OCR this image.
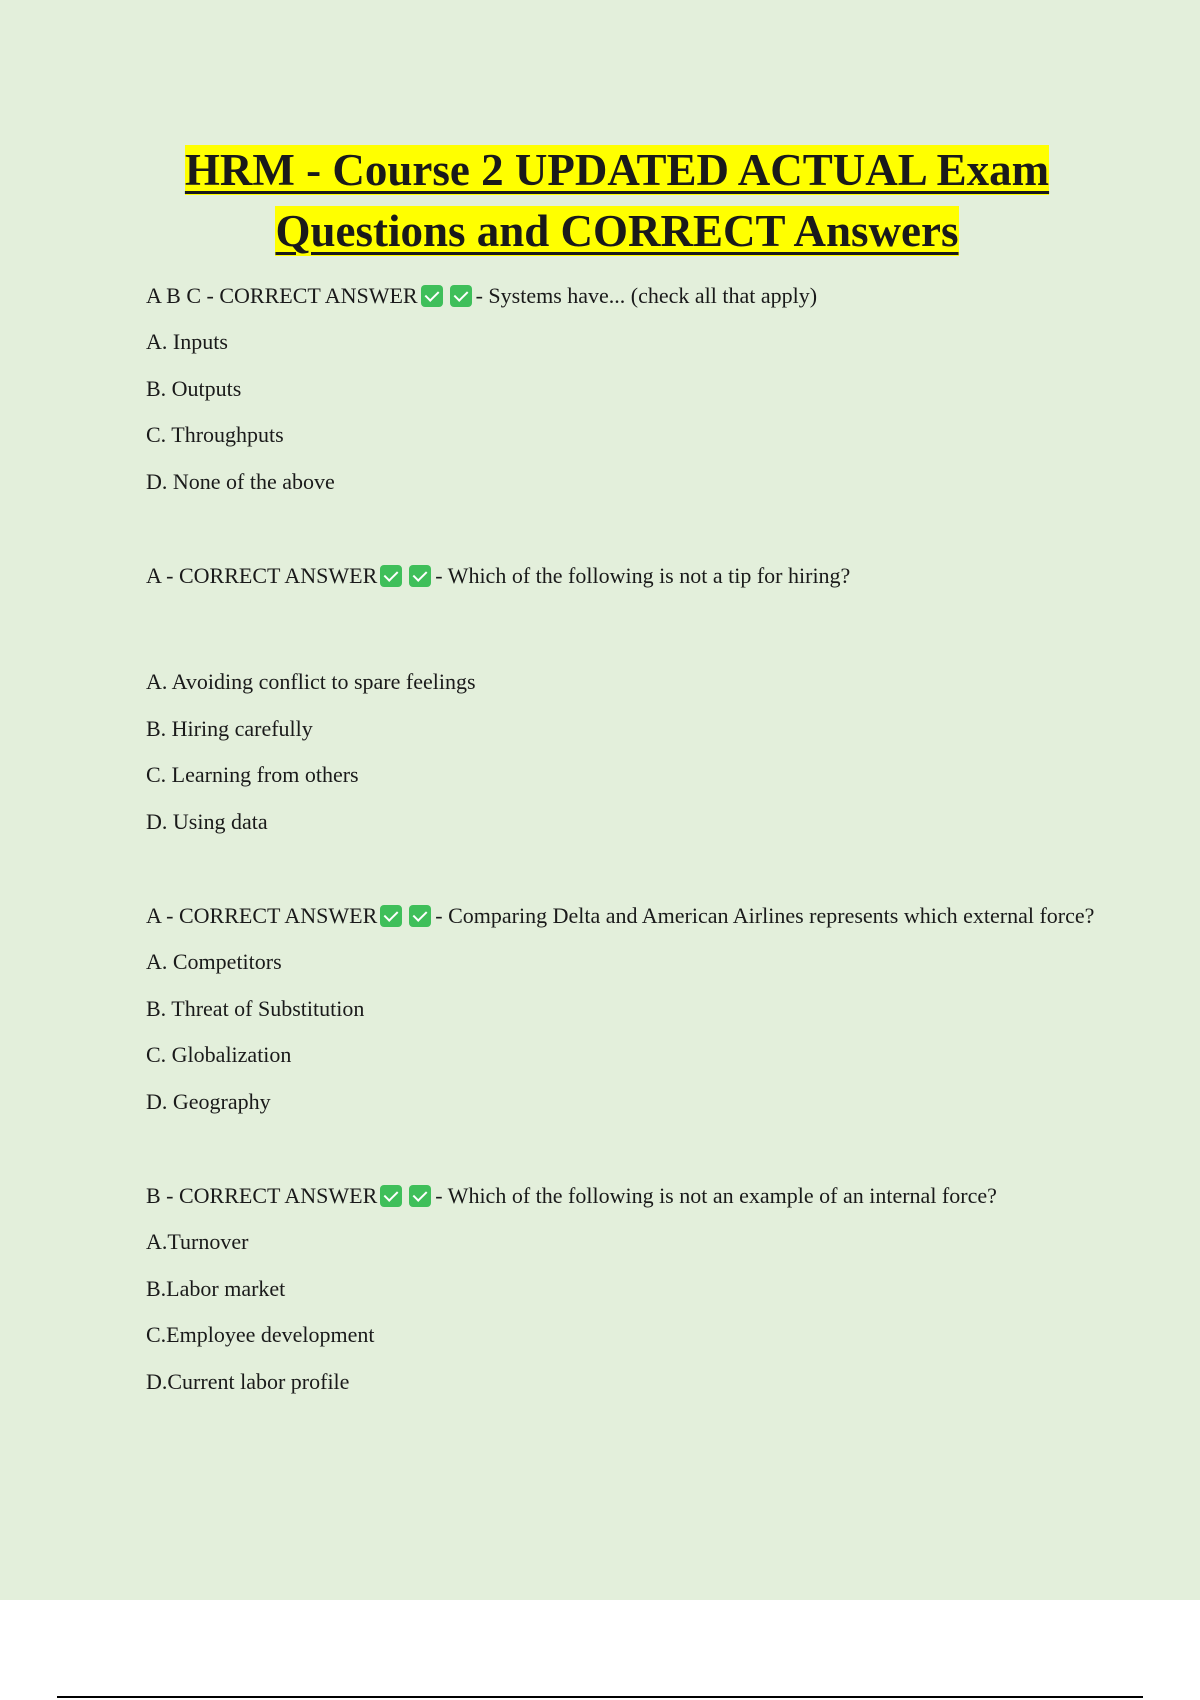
HRM - Course 2 UPDATED ACTUAL Exam
Questions and CORRECT Answers
A B C - CORRECT ANSWER	- Systems have... (check all that apply)
A. Inputs
B. Outputs
C. Throughputs
D. None of the above
A - CORRECT ANSWER	- Which of the following is not a tip for hiring?
A. Avoiding conflict to spare feelings
B. Hiring carefully
C. Learning from others
D. Using data
A - CORRECT ANSWER	- Comparing Delta and American Airlines represents which external force?
A. Competitors
B. Threat of Substitution
C. Globalization
D. Geography
B - CORRECT ANSWER	- Which of the following is not an example of an internal force?
A.Turnover
B.Labor market
C.Employee development
D.Current labor profile
